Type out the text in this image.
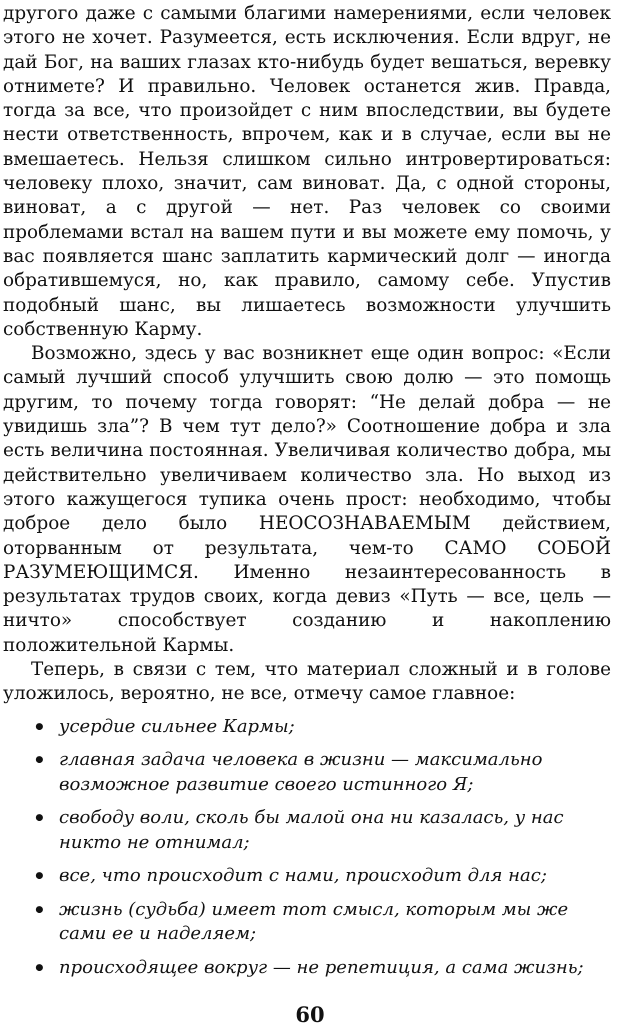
другого даже с самыми благими намерениями, если человек этого не хочет. Разумеется, есть исключения. Если вдруг, не дай Бог, на ваших глазах кто-нибудь будет вешаться, веревку отнимете? И правильно. Человек останется жив. Правда, тогда за все, что произойдет с ним впоследствии, вы будете нести ответственность, впрочем, как и в случае, если вы не вмешаетесь. Нельзя слишком сильно интровертироваться: человеку плохо, значит, сам виноват. Да, с одной стороны, виноват, а с другой — нет. Раз человек со своими проблемами встал на вашем пути и вы можете ему помочь, у вас появляется шанс заплатить кармический долг — иногда обратившемуся, но, как правило, самому себе. Упустив подобный шанс, вы лишаетесь возможности улучшить собственную Карму.

Возможно, здесь у вас возникнет еще один вопрос: «Если самый лучший способ улучшить свою долю — это помощь другим, то почему тогда говорят: “Не делай добра — не увидишь зла”? В чем тут дело?» Соотношение добра и зла есть величина постоянная. Увеличивая количество добра, мы действительно увеличиваем количество зла. Но выход из этого кажущегося тупика очень прост: необходимо, чтобы доброе дело было НЕОСОЗНАВАЕМЫМ действием, оторванным от результата, чем-то САМО СОБОЙ РАЗУМЕЮЩИМСЯ. Именно незаинтересованность в результатах трудов своих, когда девиз «Путь — все, цель — ничто» способствует созданию и накоплению положительной Кармы.

Теперь, в связи с тем, что материал сложный и в голове уложилось, вероятно, не все, отмечу самое главное:

• усердие сильнее Кармы;
• главная задача человека в жизни — максимально возможное развитие своего истинного Я;
• свободу воли, сколь бы малой она ни казалась, у нас никто не отнимал;
• все, что происходит с нами, происходит для нас;
• жизнь (судьба) имеет тот смысл, которым мы же сами ее и наделяем;
• происходящее вокруг — не репетиция, а сама жизнь;
60
